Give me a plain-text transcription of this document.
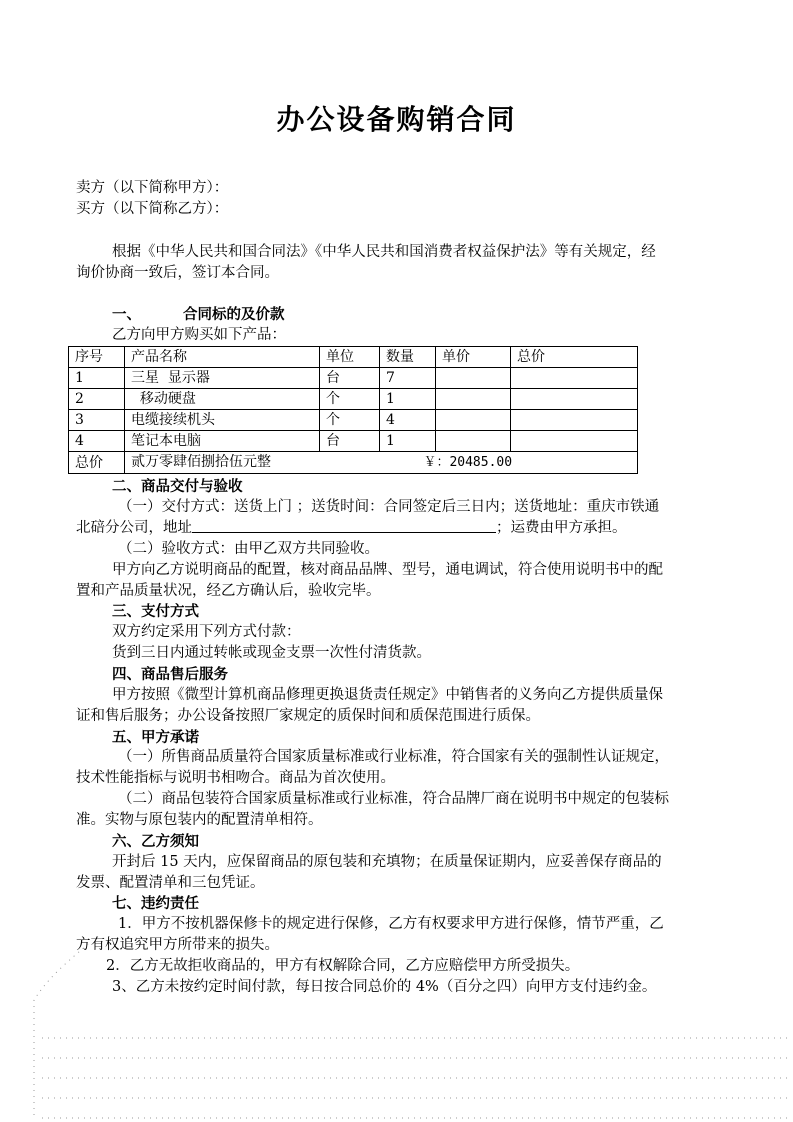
办公设备购销合同
卖方（以下简称甲方）：
买方（以下简称乙方）：
根据《中华人民共和国合同法》《中华人民共和国消费者权益保护法》等有关规定，经
询价协商一致后，签订本合同。
一、	合同标的及价款
乙方向甲方购买如下产品：
序号	产品名称	单位	数量	单价	总价
1	三星  显示器	台	7		
2	移动硬盘	个	1		
3	电缆接续机头	个	4		
4	笔记本电脑	台	1		
总价	贰万零肆佰捌拾伍元整 ￥：20485.00				
二、商品交付与验收
（一）交付方式：送货上门 ；送货时间：合同签定后三日内；送货地址：重庆市铁通
北碚分公司，地址	；运费由甲方承担。
（二）验收方式：由甲乙双方共同验收。
甲方向乙方说明商品的配置，核对商品品牌、型号，通电调试，符合使用说明书中的配
置和产品质量状况，经乙方确认后，验收完毕。
三、支付方式
双方约定采用下列方式付款：
货到三日内通过转帐或现金支票一次性付清货款。
四、商品售后服务
甲方按照《微型计算机商品修理更换退货责任规定》中销售者的义务向乙方提供质量保
证和售后服务；办公设备按照厂家规定的质保时间和质保范围进行质保。
五、甲方承诺
（一）所售商品质量符合国家质量标准或行业标准，符合国家有关的强制性认证规定，
技术性能指标与说明书相吻合。商品为首次使用。
（二）商品包装符合国家质量标准或行业标准，符合品牌厂商在说明书中规定的包装标
准。实物与原包装内的配置清单相符。
六、乙方须知
开封后 15 天内，应保留商品的原包装和充填物；在质量保证期内，应妥善保存商品的
发票、配置清单和三包凭证。
七、违约责任
1．甲方不按机器保修卡的规定进行保修，乙方有权要求甲方进行保修，情节严重，乙
方有权追究甲方所带来的损失。
2．乙方无故拒收商品的，甲方有权解除合同，乙方应赔偿甲方所受损失。
3、乙方未按约定时间付款，每日按合同总价的 4%（百分之四）向甲方支付违约金。
